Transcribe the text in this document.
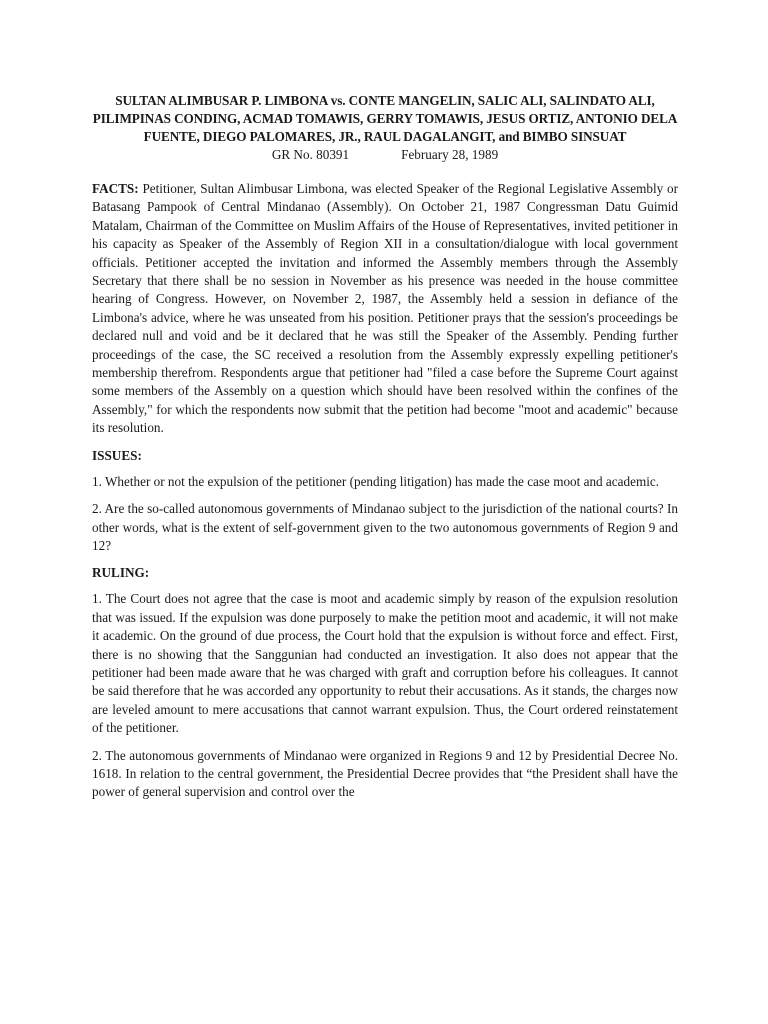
SULTAN ALIMBUSAR P. LIMBONA vs. CONTE MANGELIN, SALIC ALI, SALINDATO ALI, PILIMPINAS CONDING, ACMAD TOMAWIS, GERRY TOMAWIS, JESUS ORTIZ, ANTONIO DELA FUENTE, DIEGO PALOMARES, JR., RAUL DAGALANGIT, and BIMBO SINSUAT

GR No. 80391	February 28, 1989

FACTS: Petitioner, Sultan Alimbusar Limbona, was elected Speaker of the Regional Legislative Assembly or Batasang Pampook of Central Mindanao (Assembly). On October 21, 1987 Congressman Datu Guimid Matalam, Chairman of the Committee on Muslim Affairs of the House of Representatives, invited petitioner in his capacity as Speaker of the Assembly of Region XII in a consultation/dialogue with local government officials. Petitioner accepted the invitation and informed the Assembly members through the Assembly Secretary that there shall be no session in November as his presence was needed in the house committee hearing of Congress. However, on November 2, 1987, the Assembly held a session in defiance of the Limbona's advice, where he was unseated from his position. Petitioner prays that the session's proceedings be declared null and void and be it declared that he was still the Speaker of the Assembly. Pending further proceedings of the case, the SC received a resolution from the Assembly expressly expelling petitioner's membership therefrom. Respondents argue that petitioner had "filed a case before the Supreme Court against some members of the Assembly on a question which should have been resolved within the confines of the Assembly," for which the respondents now submit that the petition had become "moot and academic" because its resolution.

ISSUES:

1. Whether or not the expulsion of the petitioner (pending litigation) has made the case moot and academic.

2. Are the so-called autonomous governments of Mindanao subject to the jurisdiction of the national courts? In other words, what is the extent of self-government given to the two autonomous governments of Region 9 and 12?

RULING:

1. The Court does not agree that the case is moot and academic simply by reason of the expulsion resolution that was issued. If the expulsion was done purposely to make the petition moot and academic, it will not make it academic. On the ground of due process, the Court hold that the expulsion is without force and effect. First, there is no showing that the Sanggunian had conducted an investigation. It also does not appear that the petitioner had been made aware that he was charged with graft and corruption before his colleagues. It cannot be said therefore that he was accorded any opportunity to rebut their accusations. As it stands, the charges now are leveled amount to mere accusations that cannot warrant expulsion. Thus, the Court ordered reinstatement of the petitioner.

2. The autonomous governments of Mindanao were organized in Regions 9 and 12 by Presidential Decree No. 1618. In relation to the central government, the Presidential Decree provides that “the President shall have the power of general supervision and control over the
